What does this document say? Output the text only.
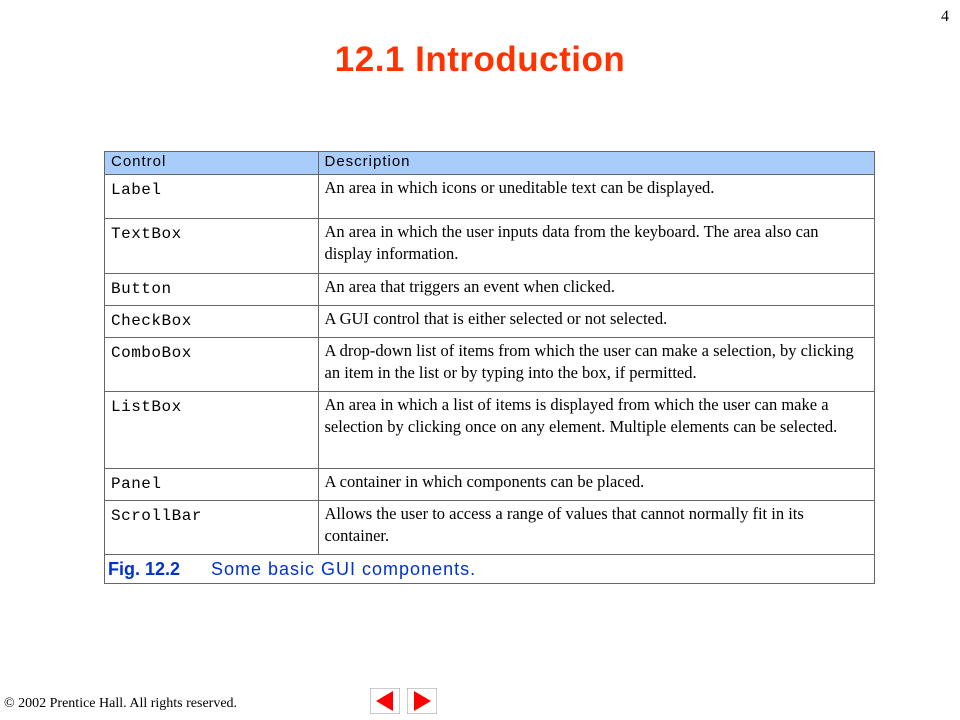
4
12.1 Introduction
Control	Description
Label	An area in which icons or uneditable text can be displayed.
TextBox	An area in which the user inputs data from the keyboard. The area also can display information.
Button	An area that triggers an event when clicked.
CheckBox	A GUI control that is either selected or not selected.
ComboBox	A drop-down list of items from which the user can make a selection, by clicking an item in the list or by typing into the box, if permitted.
ListBox	An area in which a list of items is displayed from which the user can make a selection by clicking once on any element. Multiple elements can be selected.
Panel	A container in which components can be placed.
ScrollBar	Allows the user to access a range of values that cannot normally fit in its container.
Fig. 12.2	Some basic GUI components.
© 2002 Prentice Hall. All rights reserved.
